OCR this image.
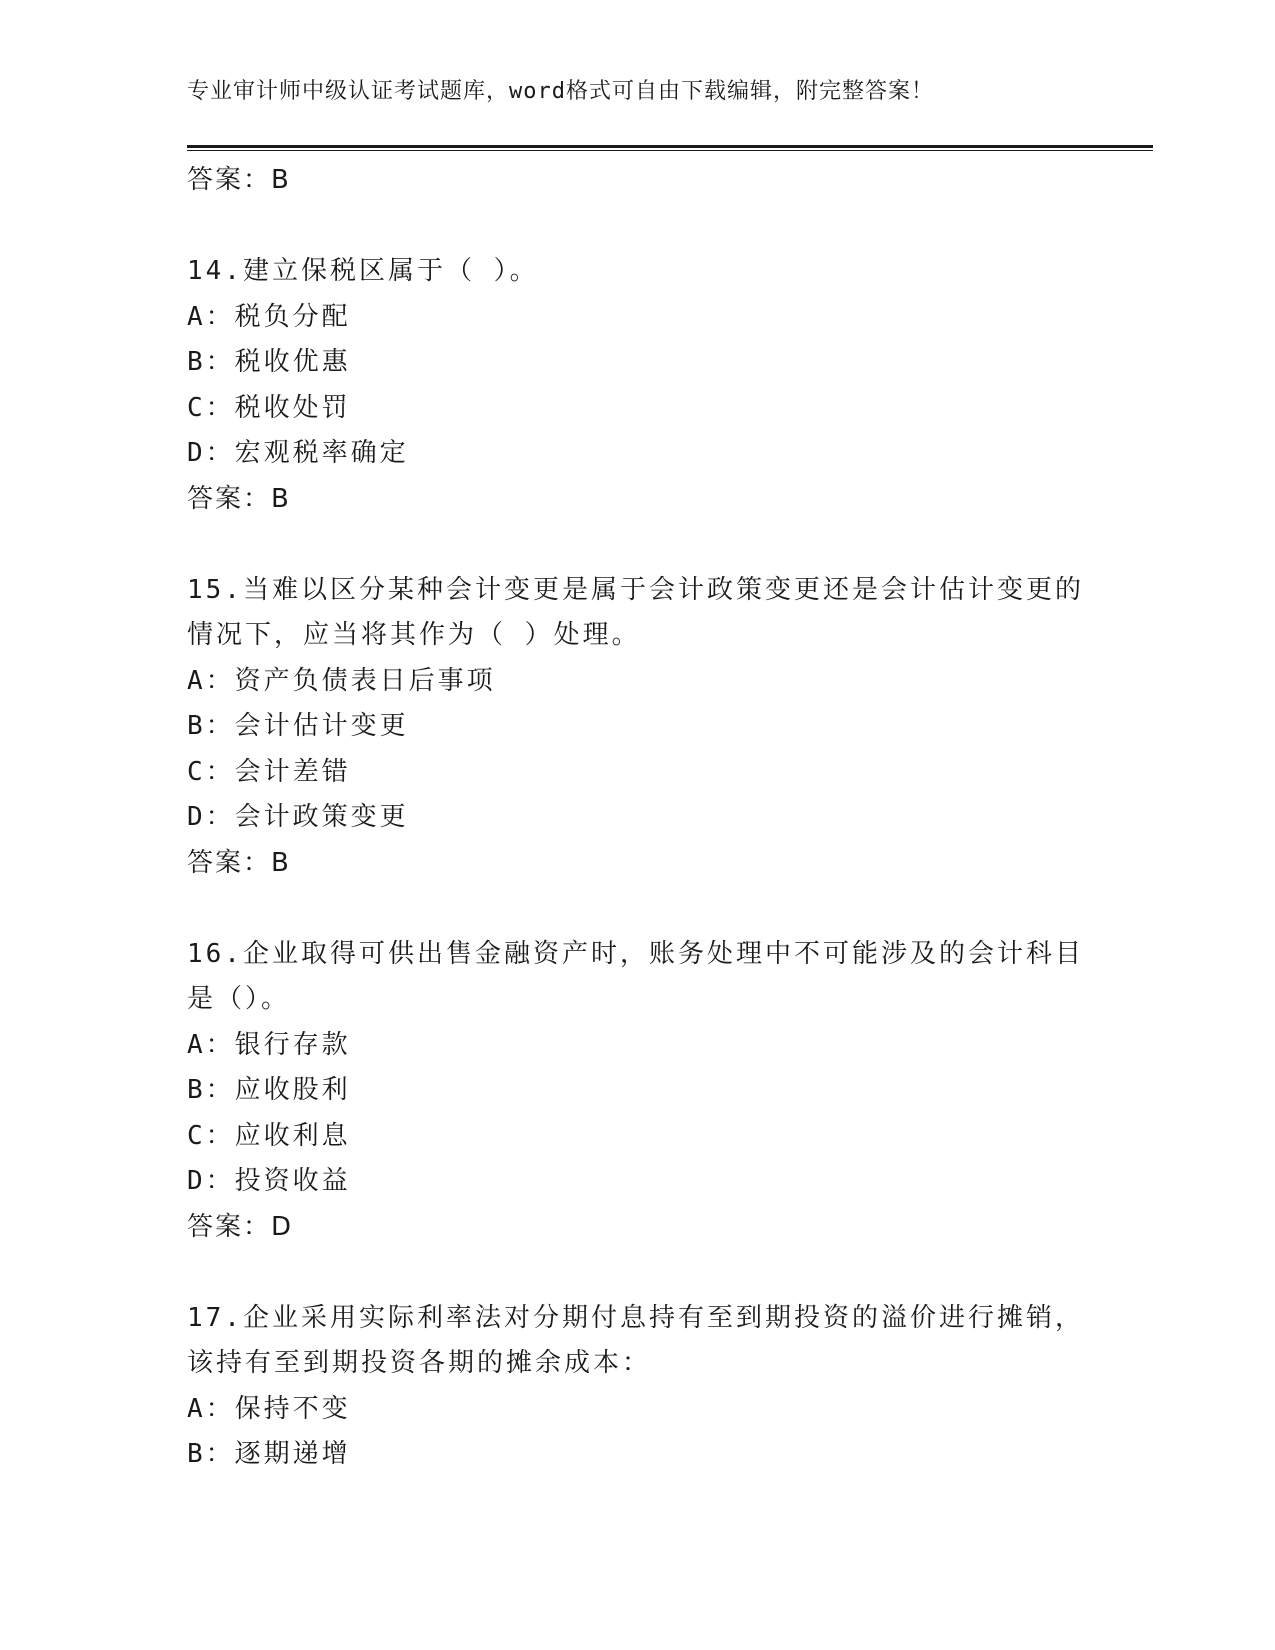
专业审计师中级认证考试题库，word格式可自由下载编辑，附完整答案！
答案：B
14.建立保税区属于（ ）。
A：税负分配
B：税收优惠
C：税收处罚
D：宏观税率确定
答案：B
15.当难以区分某种会计变更是属于会计政策变更还是会计估计变更的
情况下，应当将其作为（ ）处理。
A：资产负债表日后事项
B：会计估计变更
C：会计差错
D：会计政策变更
答案：B
16.企业取得可供出售金融资产时，账务处理中不可能涉及的会计科目
是（）。
A：银行存款
B：应收股利
C：应收利息
D：投资收益
答案：D
17.企业采用实际利率法对分期付息持有至到期投资的溢价进行摊销，
该持有至到期投资各期的摊余成本：
A：保持不变
B：逐期递增
